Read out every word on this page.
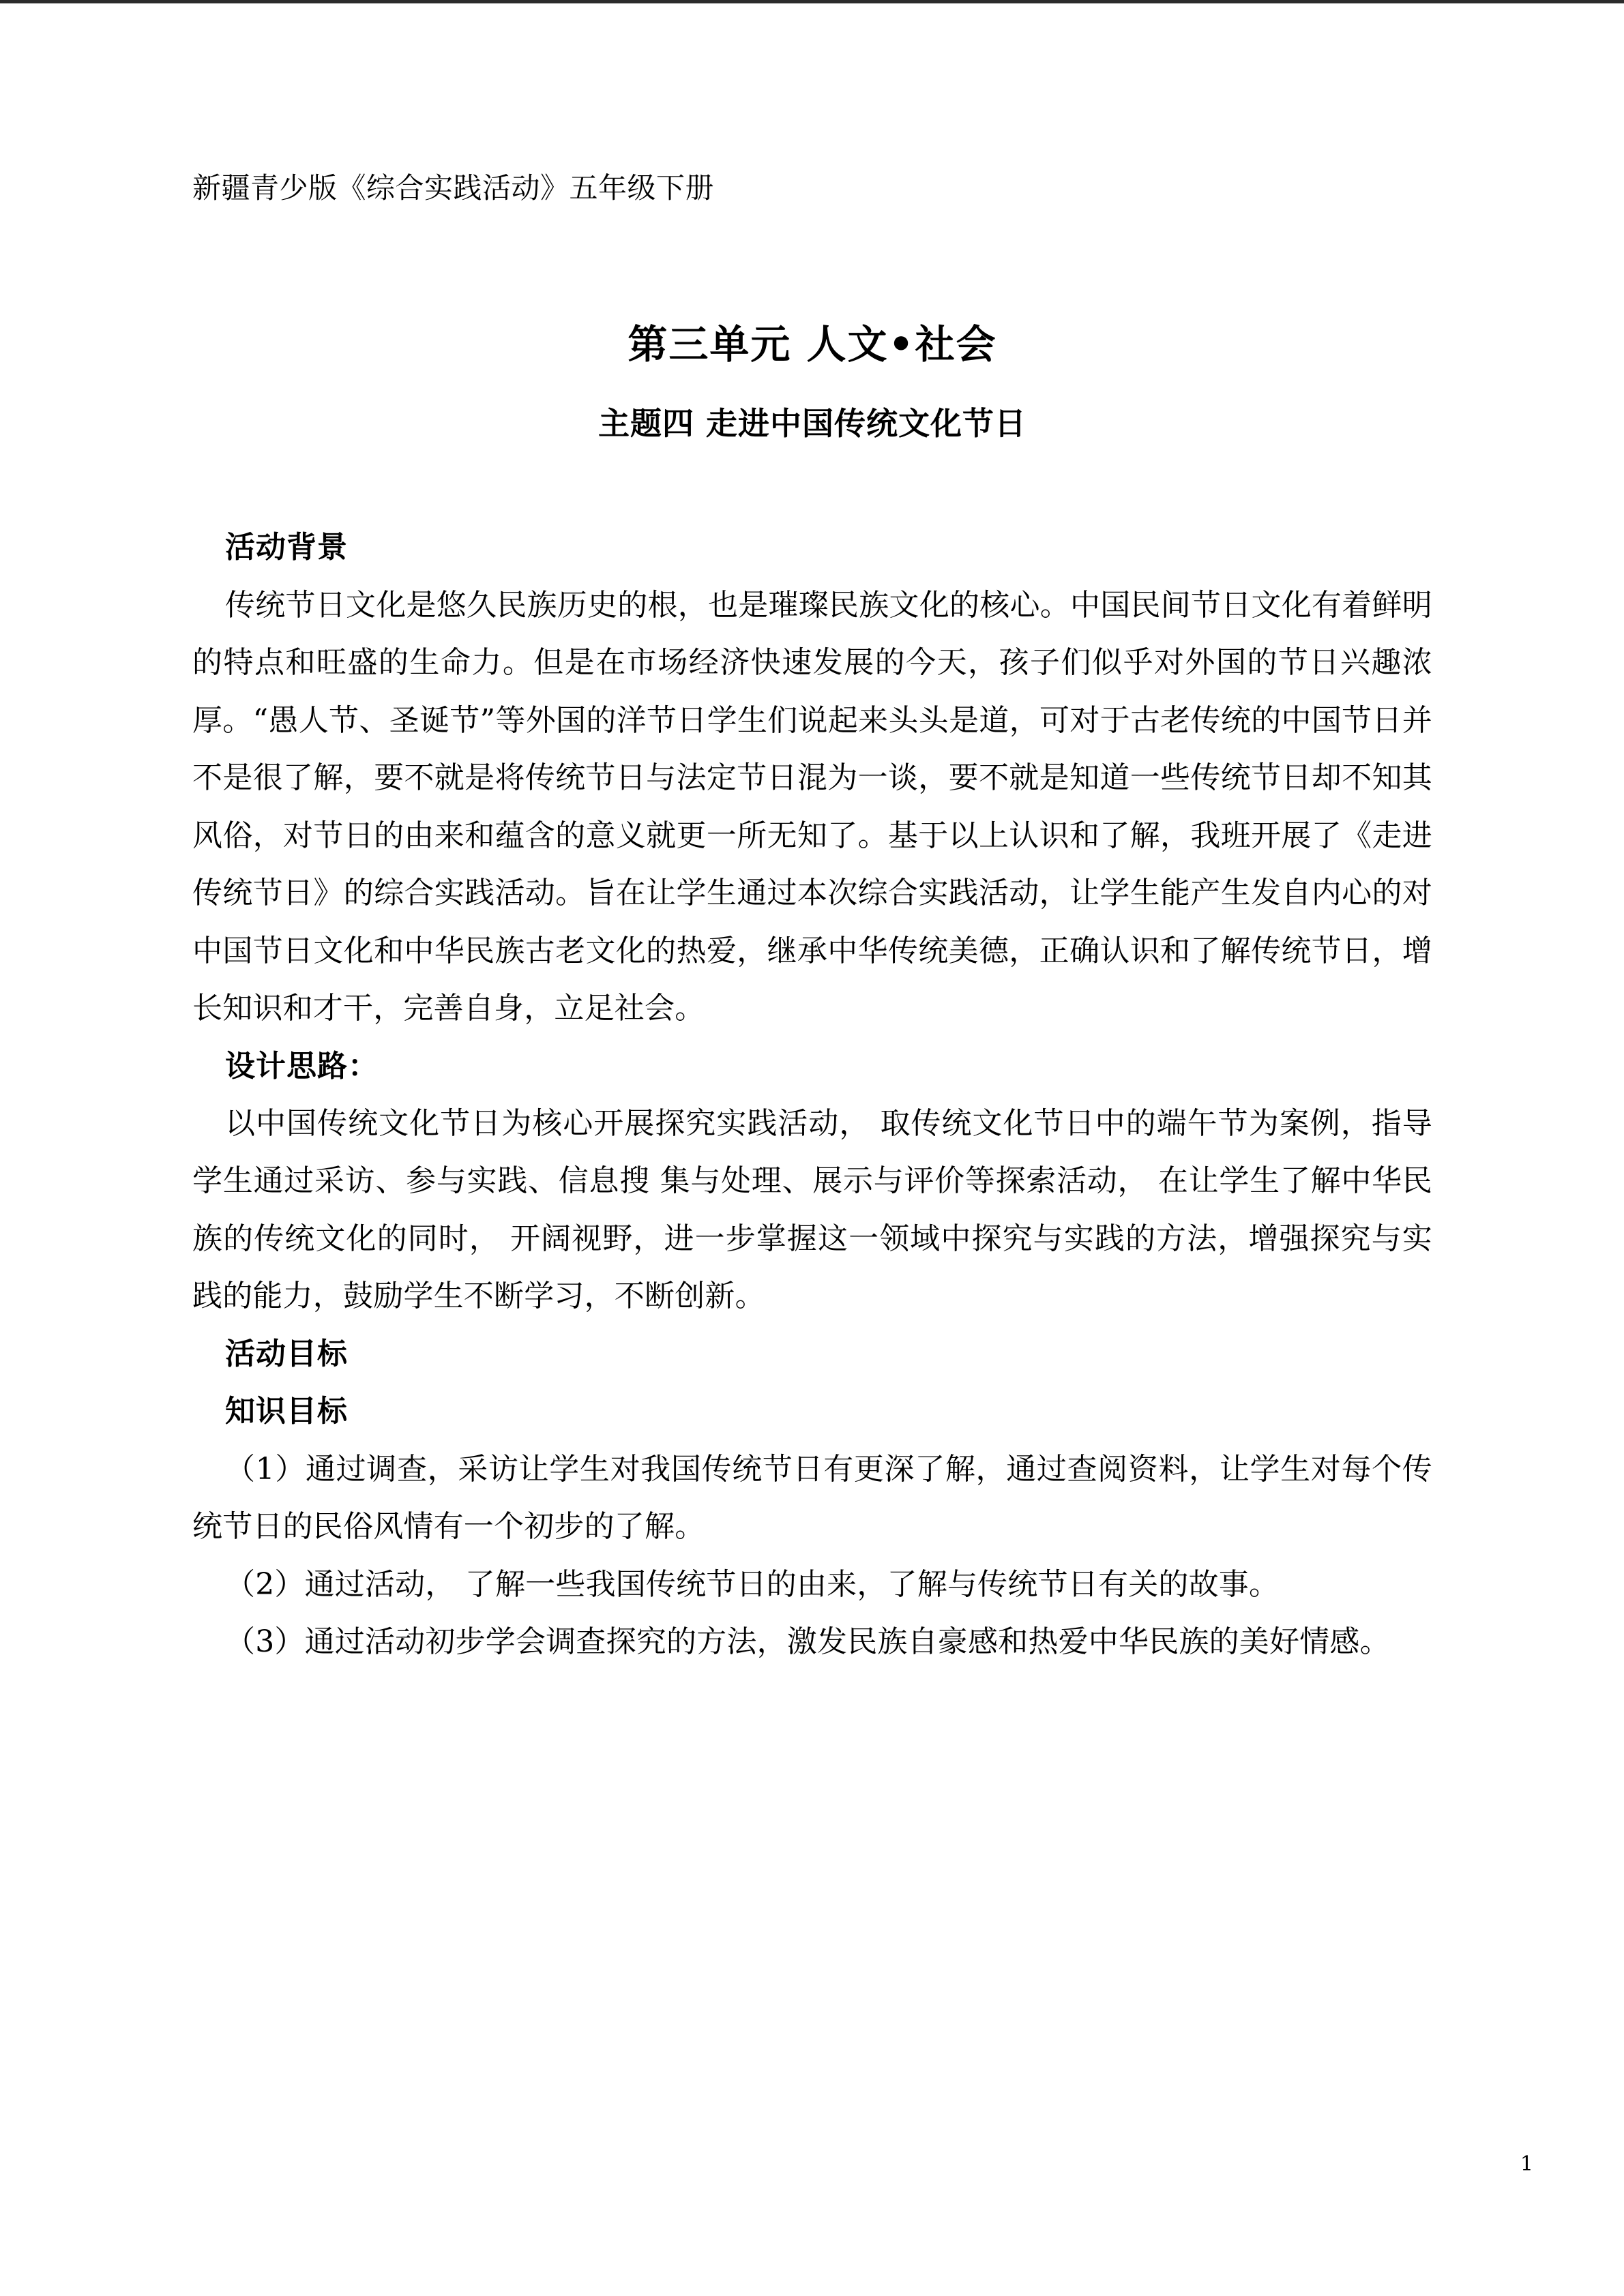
新疆青少版《综合实践活动》五年级下册
第三单元 人文•社会
主题四 走进中国传统文化节日
活动背景

传统节日文化是悠久民族历史的根，也是璀璨民族文化的核心。中国民间节日文化有着鲜明的特点和旺盛的生命力。但是在市场经济快速发展的今天，孩子们似乎对外国的节日兴趣浓厚。“愚人节、圣诞节”等外国的洋节日学生们说起来头头是道，可对于古老传统的中国节日并不是很了解，要不就是将传统节日与法定节日混为一谈，要不就是知道一些传统节日却不知其风俗，对节日的由来和蕴含的意义就更一所无知了。基于以上认识和了解，我班开展了《走进传统节日》的综合实践活动。旨在让学生通过本次综合实践活动，让学生能产生发自内心的对中国节日文化和中华民族古老文化的热爱，继承中华传统美德，正确认识和了解传统节日，增长知识和才干，完善自身，立足社会。

设计思路：

以中国传统文化节日为核心开展探究实践活动， 取传统文化节日中的端午节为案例，指导学生通过采访、参与实践、信息搜 集与处理、展示与评价等探索活动， 在让学生了解中华民族的传统文化的同时， 开阔视野，进一步掌握这一领域中探究与实践的方法，增强探究与实践的能力，鼓励学生不断学习，不断创新。

活动目标
知识目标

（1）通过调查，采访让学生对我国传统节日有更深了解，通过查阅资料，让学生对每个传统节日的民俗风情有一个初步的了解。

（2）通过活动， 了解一些我国传统节日的由来，了解与传统节日有关的故事。

（3）通过活动初步学会调查探究的方法，激发民族自豪感和热爱中华民族的美好情感。

1
